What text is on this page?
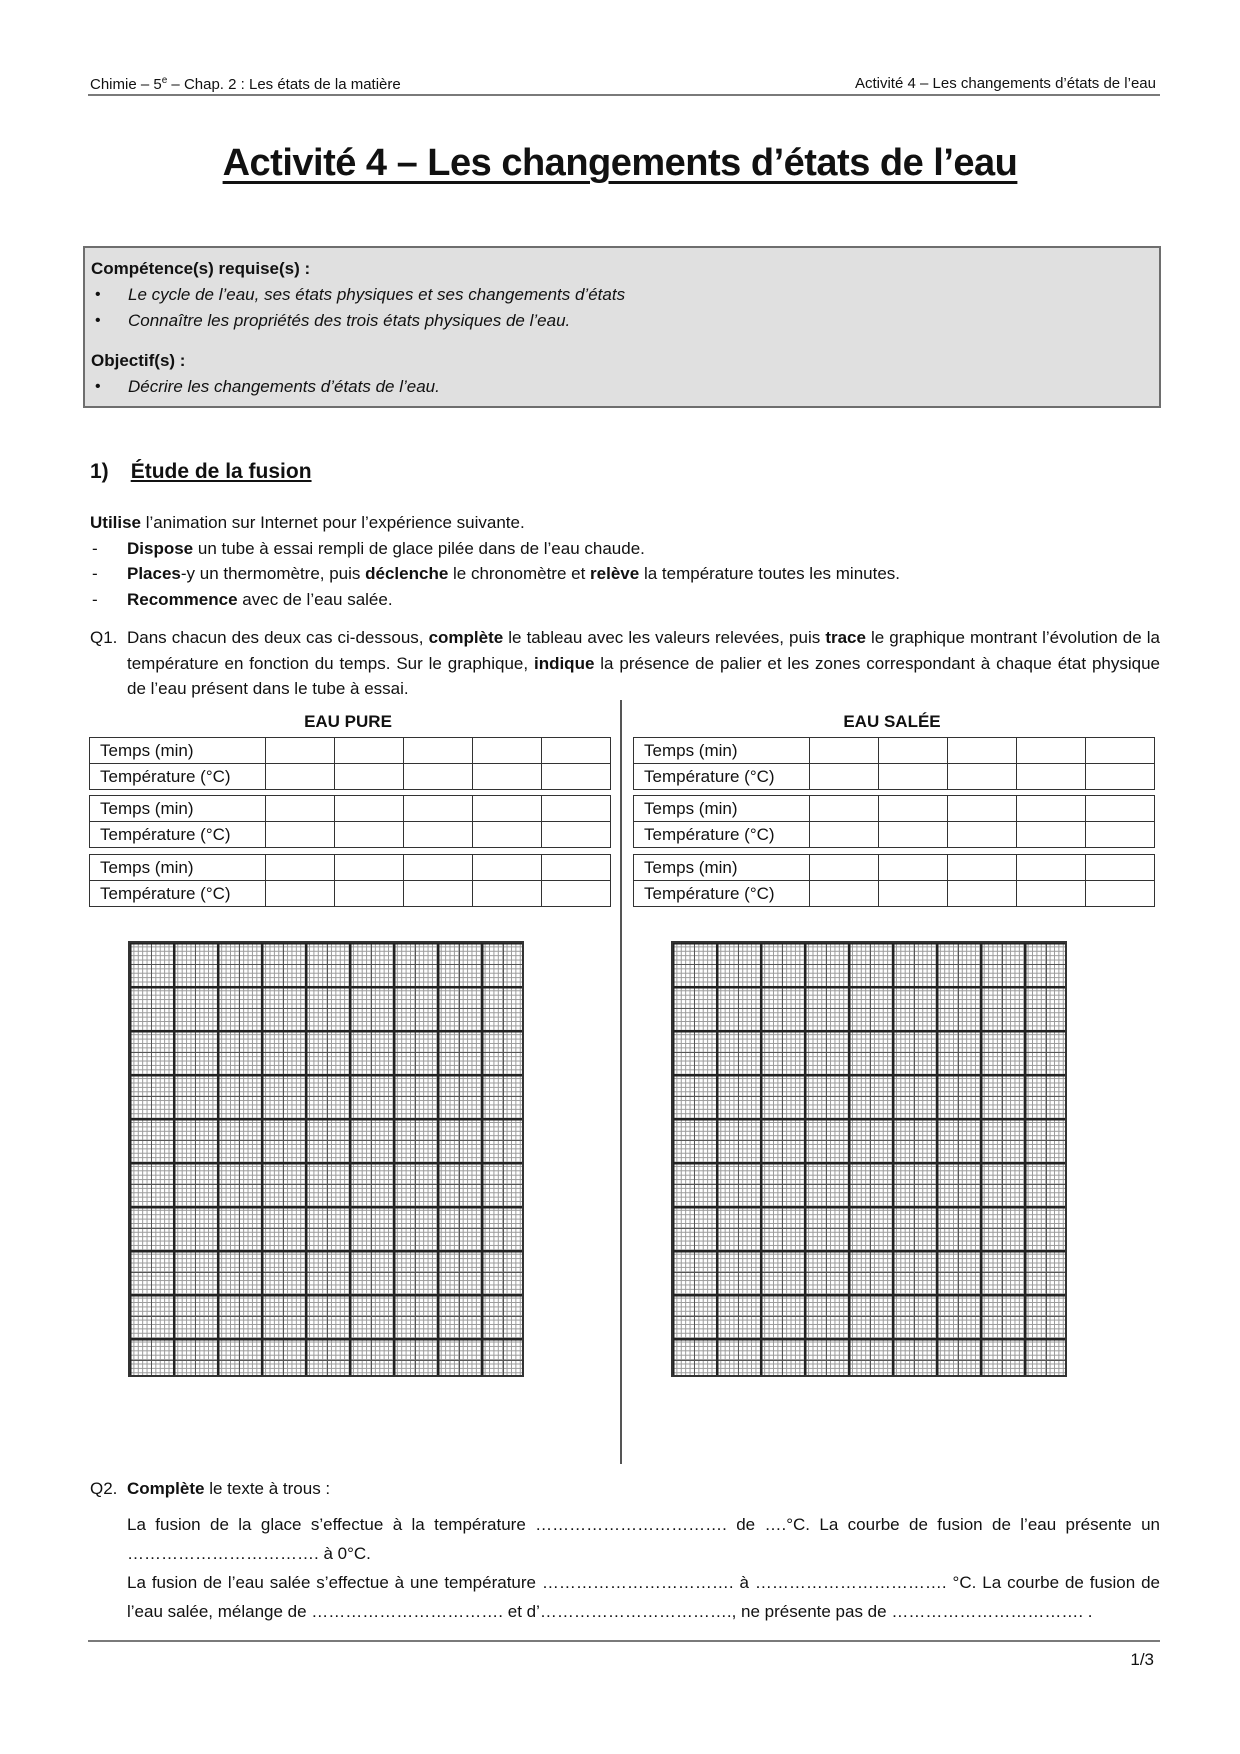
Chimie – 5e – Chap. 2 : Les états de la matière	Activité 4 – Les changements d’états de l’eau
Activité 4 – Les changements d’états de l’eau
Compétence(s) requise(s) :
• Le cycle de l’eau, ses états physiques et ses changements d’états
• Connaître les propriétés des trois états physiques de l’eau.
Objectif(s) :
• Décrire les changements d’états de l’eau.
1) Étude de la fusion
Utilise l’animation sur Internet pour l’expérience suivante.
- Dispose un tube à essai rempli de glace pilée dans de l’eau chaude.
- Places-y un thermomètre, puis déclenche le chronomètre et relève la température toutes les minutes.
- Recommence avec de l’eau salée.
Q1. Dans chacun des deux cas ci-dessous, complète le tableau avec les valeurs relevées, puis trace le graphique montrant l’évolution de la température en fonction du temps. Sur le graphique, indique la présence de palier et les zones correspondant à chaque état physique de l’eau présent dans le tube à essai.
EAU PURE	EAU SALÉE
Temps (min)					
Température (°C)					
Temps (min)					
Température (°C)					
Temps (min)					
Température (°C)					
Temps (min)					
Température (°C)					
Temps (min)					
Température (°C)					
Temps (min)					
Température (°C)					
Q2. Complète le texte à trous :
La fusion de la glace s’effectue à la température ……………………………. de ….°C. La courbe de fusion de l’eau présente un ……………………………. à 0°C.
La fusion de l’eau salée s’effectue à une température ……………………………. à ……………………………. °C. La courbe de fusion de l’eau salée, mélange de ……………………………. et d’……………………………., ne présente pas de ……………………………. .
1/3
